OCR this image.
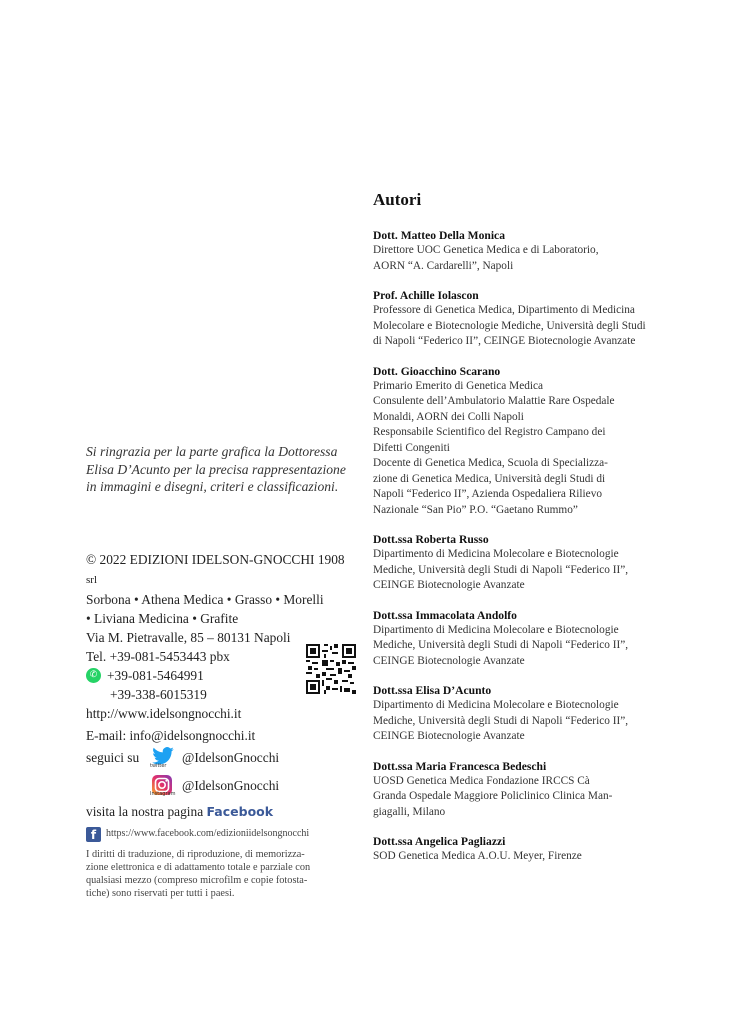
Autori
Dott. Matteo Della Monica
Direttore UOC Genetica Medica e di Laboratorio,
AORN “A. Cardarelli”, Napoli
Prof. Achille Iolascon
Professore di Genetica Medica, Dipartimento di Medicina
Molecolare e Biotecnologie Mediche, Università degli Studi
di Napoli “Federico II”, CEINGE Biotecnologie Avanzate
Dott. Gioacchino Scarano
Primario Emerito di Genetica Medica
Consulente dell’Ambulatorio Malattie Rare Ospedale
Monaldi, AORN dei Colli Napoli
Responsabile Scientifico del Registro Campano dei
Difetti Congeniti
Docente di Genetica Medica, Scuola di Specializza-
zione di Genetica Medica, Università degli Studi di
Napoli “Federico II”, Azienda Ospedaliera Rilievo
Nazionale “San Pio” P.O. “Gaetano Rummo”
Dott.ssa Roberta Russo
Dipartimento di Medicina Molecolare e Biotecnologie
Mediche, Università degli Studi di Napoli “Federico II”,
CEINGE Biotecnologie Avanzate
Dott.ssa Immacolata Andolfo
Dipartimento di Medicina Molecolare e Biotecnologie
Mediche, Università degli Studi di Napoli “Federico II”,
CEINGE Biotecnologie Avanzate
Dott.ssa Elisa D’Acunto
Dipartimento di Medicina Molecolare e Biotecnologie
Mediche, Università degli Studi di Napoli “Federico II”,
CEINGE Biotecnologie Avanzate
Dott.ssa Maria Francesca Bedeschi
UOSD Genetica Medica Fondazione IRCCS Cà
Granda Ospedale Maggiore Policlinico Clinica Man-
giagalli, Milano
Dott.ssa Angelica Pagliazzi
SOD Genetica Medica A.O.U. Meyer, Firenze
Si ringrazia per la parte grafica la Dottoressa
Elisa D’Acunto per la precisa rappresentazione
in immagini e disegni, criteri e classificazioni.
© 2022 EDIZIONI IDELSON-GNOCCHI 1908 srl
Sorbona • Athena Medica • Grasso • Morelli
• Liviana Medicina • Grafite
Via M. Pietravalle, 85 – 80131 Napoli
Tel. +39-081-5453443 pbx
✆ +39-081-5464991
+39-338-6015319
http://www.idelsongnocchi.it
E-mail: info@idelsongnocchi.it
seguici su
twitter
@IdelsonGnocchi
Instagram
@IdelsonGnocchi
visita la nostra pagina Facebook
f https://www.facebook.com/edizioniidelsongnocchi
I diritti di traduzione, di riproduzione, di memorizza-
zione elettronica e di adattamento totale e parziale con
qualsiasi mezzo (compreso microfilm e copie fotosta-
tiche) sono riservati per tutti i paesi.
